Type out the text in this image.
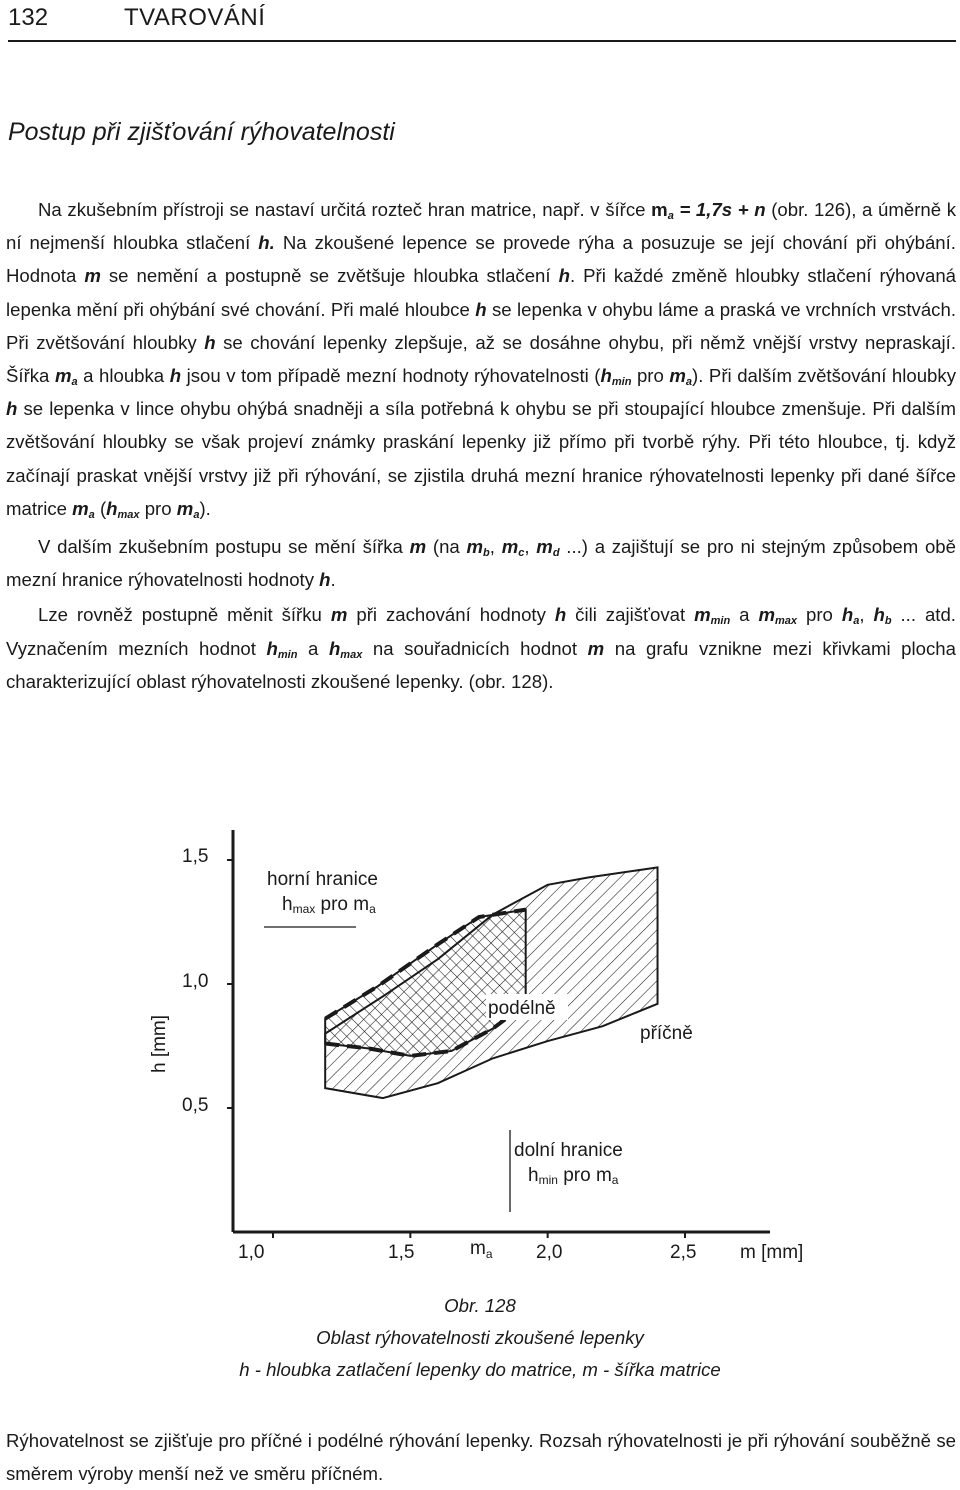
132	TVAROVÁNÍ
Postup při zjišťování rýhovatelnosti

Na zkušebním přístroji se nastaví určitá rozteč hran matrice, např. v šířce $m_a = 1,7s + n$ (obr. 126), a úměrně k ní nejmenší hloubka stlačení h. Na zkoušené lepence se provede rýha a posuzuje se její chování při ohýbání. Hodnota m se nemění a postupně se zvětšuje hloubka stlačení h. Při každé změně hloubky stlačení rýhovaná lepenka mění při ohýbání své chování. Při malé hloubce h se lepenka v ohybu láme a praská ve vrchních vrstvách. Při zvětšování hloubky h se chování lepenky zlepšuje, až se dosáhne ohybu, při němž vnější vrstvy nepraskají. Šířka $m_a$ a hloubka h jsou v tom případě mezní hodnoty rýhovatelnosti ($h_{min}$ pro $m_a$). Při dalším zvětšování hloubky h se lepenka v lince ohybu ohýbá snadněji a síla potřebná k ohybu se při stoupající hloubce zmenšuje. Při dalším zvětšování hloubky se však projeví známky praskání lepenky již přímo při tvorbě rýhy. Při této hloubce, tj. když začínají praskat vnější vrstvy již při rýhování, se zjistila druhá mezní hranice rýhovatelnosti lepenky při dané šířce matrice $m_a$ ($h_{max}$ pro $m_a$).

V dalším zkušebním postupu se mění šířka m (na $m_b$, $m_c$, $m_d$ ...) a zajištují se pro ni stejným způsobem obě mezní hranice rýhovatelnosti hodnoty h.

Lze rovněž postupně měnit šířku m při zachování hodnoty h čili zajišťovat $m_{min}$ a $m_{max}$ pro $h_a$, $h_b$ ... atd. Vyznačením mezních hodnot $h_{min}$ a $h_{max}$ na souřadnicích hodnot m na grafu vznikne mezi křivkami plocha charakterizující oblast rýhovatelnosti zkoušené lepenky. (obr. 128).

1,5
1,0
0,5
1,0	1,5	2,0	2,5 m [mm]
$m_a$
h [mm]
horní hranice
hmax pro ma
podélně
příčně
dolní hranice
hmin pro ma
Obr. 128
Oblast rýhovatelnosti zkoušené lepenky
h - hloubka zatlačení lepenky do matrice, m - šířka matrice
Rýhovatelnost se zjišťuje pro příčné i podélné rýhování lepenky. Rozsah rýhovatelnosti je při rýhování souběžně se směrem výroby menší než ve směru příčném.
